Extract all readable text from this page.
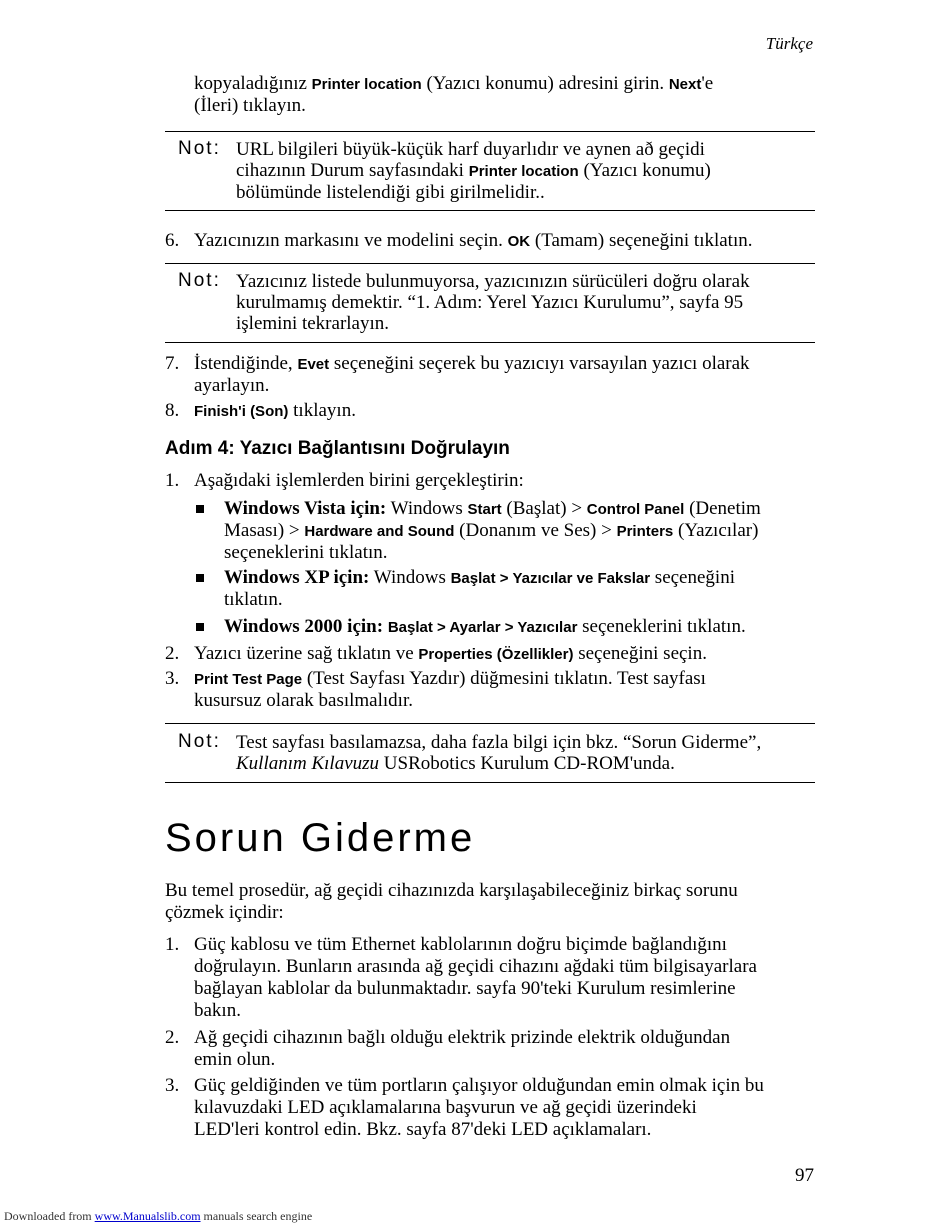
Türkçe
kopyaladığınız Printer location (Yazıcı konumu) adresini girin. Next'e
(İleri) tıklayın.
Not: URL bilgileri büyük-küçük harf duyarlıdır ve aynen að geçidi
cihazının Durum sayfasındaki Printer location (Yazıcı konumu)
bölümünde listelendiği gibi girilmelidir..
6. Yazıcınızın markasını ve modelini seçin. OK (Tamam) seçeneğini tıklatın.
Not: Yazıcınız listede bulunmuyorsa, yazıcınızın sürücüleri doğru olarak
kurulmamış demektir. “1. Adım: Yerel Yazıcı Kurulumu”, sayfa 95
işlemini tekrarlayın.
7. İstendiğinde, Evet seçeneğini seçerek bu yazıcıyı varsayılan yazıcı olarak
ayarlayın.
8. Finish'i (Son) tıklayın.
Adım 4: Yazıcı Bağlantısını Doğrulayın
1. Aşağıdaki işlemlerden birini gerçekleştirin:
Windows Vista için: Windows Start (Başlat) > Control Panel (Denetim
Masası) > Hardware and Sound (Donanım ve Ses) > Printers (Yazıcılar)
seçeneklerini tıklatın.
Windows XP için: Windows Başlat > Yazıcılar ve Fakslar seçeneğini
tıklatın.
Windows 2000 için: Başlat > Ayarlar > Yazıcılar seçeneklerini tıklatın.
2. Yazıcı üzerine sağ tıklatın ve Properties (Özellikler) seçeneğini seçin.
3. Print Test Page (Test Sayfası Yazdır) düğmesini tıklatın. Test sayfası
kusursuz olarak basılmalıdır.
Not: Test sayfası basılamazsa, daha fazla bilgi için bkz. “Sorun Giderme”,
Kullanım Kılavuzu USRobotics Kurulum CD-ROM'unda.
Sorun Giderme
Bu temel prosedür, ağ geçidi cihazınızda karşılaşabileceğiniz birkaç sorunu
çözmek içindir:
1. Güç kablosu ve tüm Ethernet kablolarının doğru biçimde bağlandığını
doğrulayın. Bunların arasında ağ geçidi cihazını ağdaki tüm bilgisayarlara
bağlayan kablolar da bulunmaktadır. sayfa 90'teki Kurulum resimlerine
bakın.
2. Ağ geçidi cihazının bağlı olduğu elektrik prizinde elektrik olduğundan
emin olun.
3. Güç geldiğinden ve tüm portların çalışıyor olduğundan emin olmak için bu
kılavuzdaki LED açıklamalarına başvurun ve ağ geçidi üzerindeki
LED'leri kontrol edin. Bkz. sayfa 87'deki LED açıklamaları.
97
Downloaded from www.Manualslib.com manuals search engine
